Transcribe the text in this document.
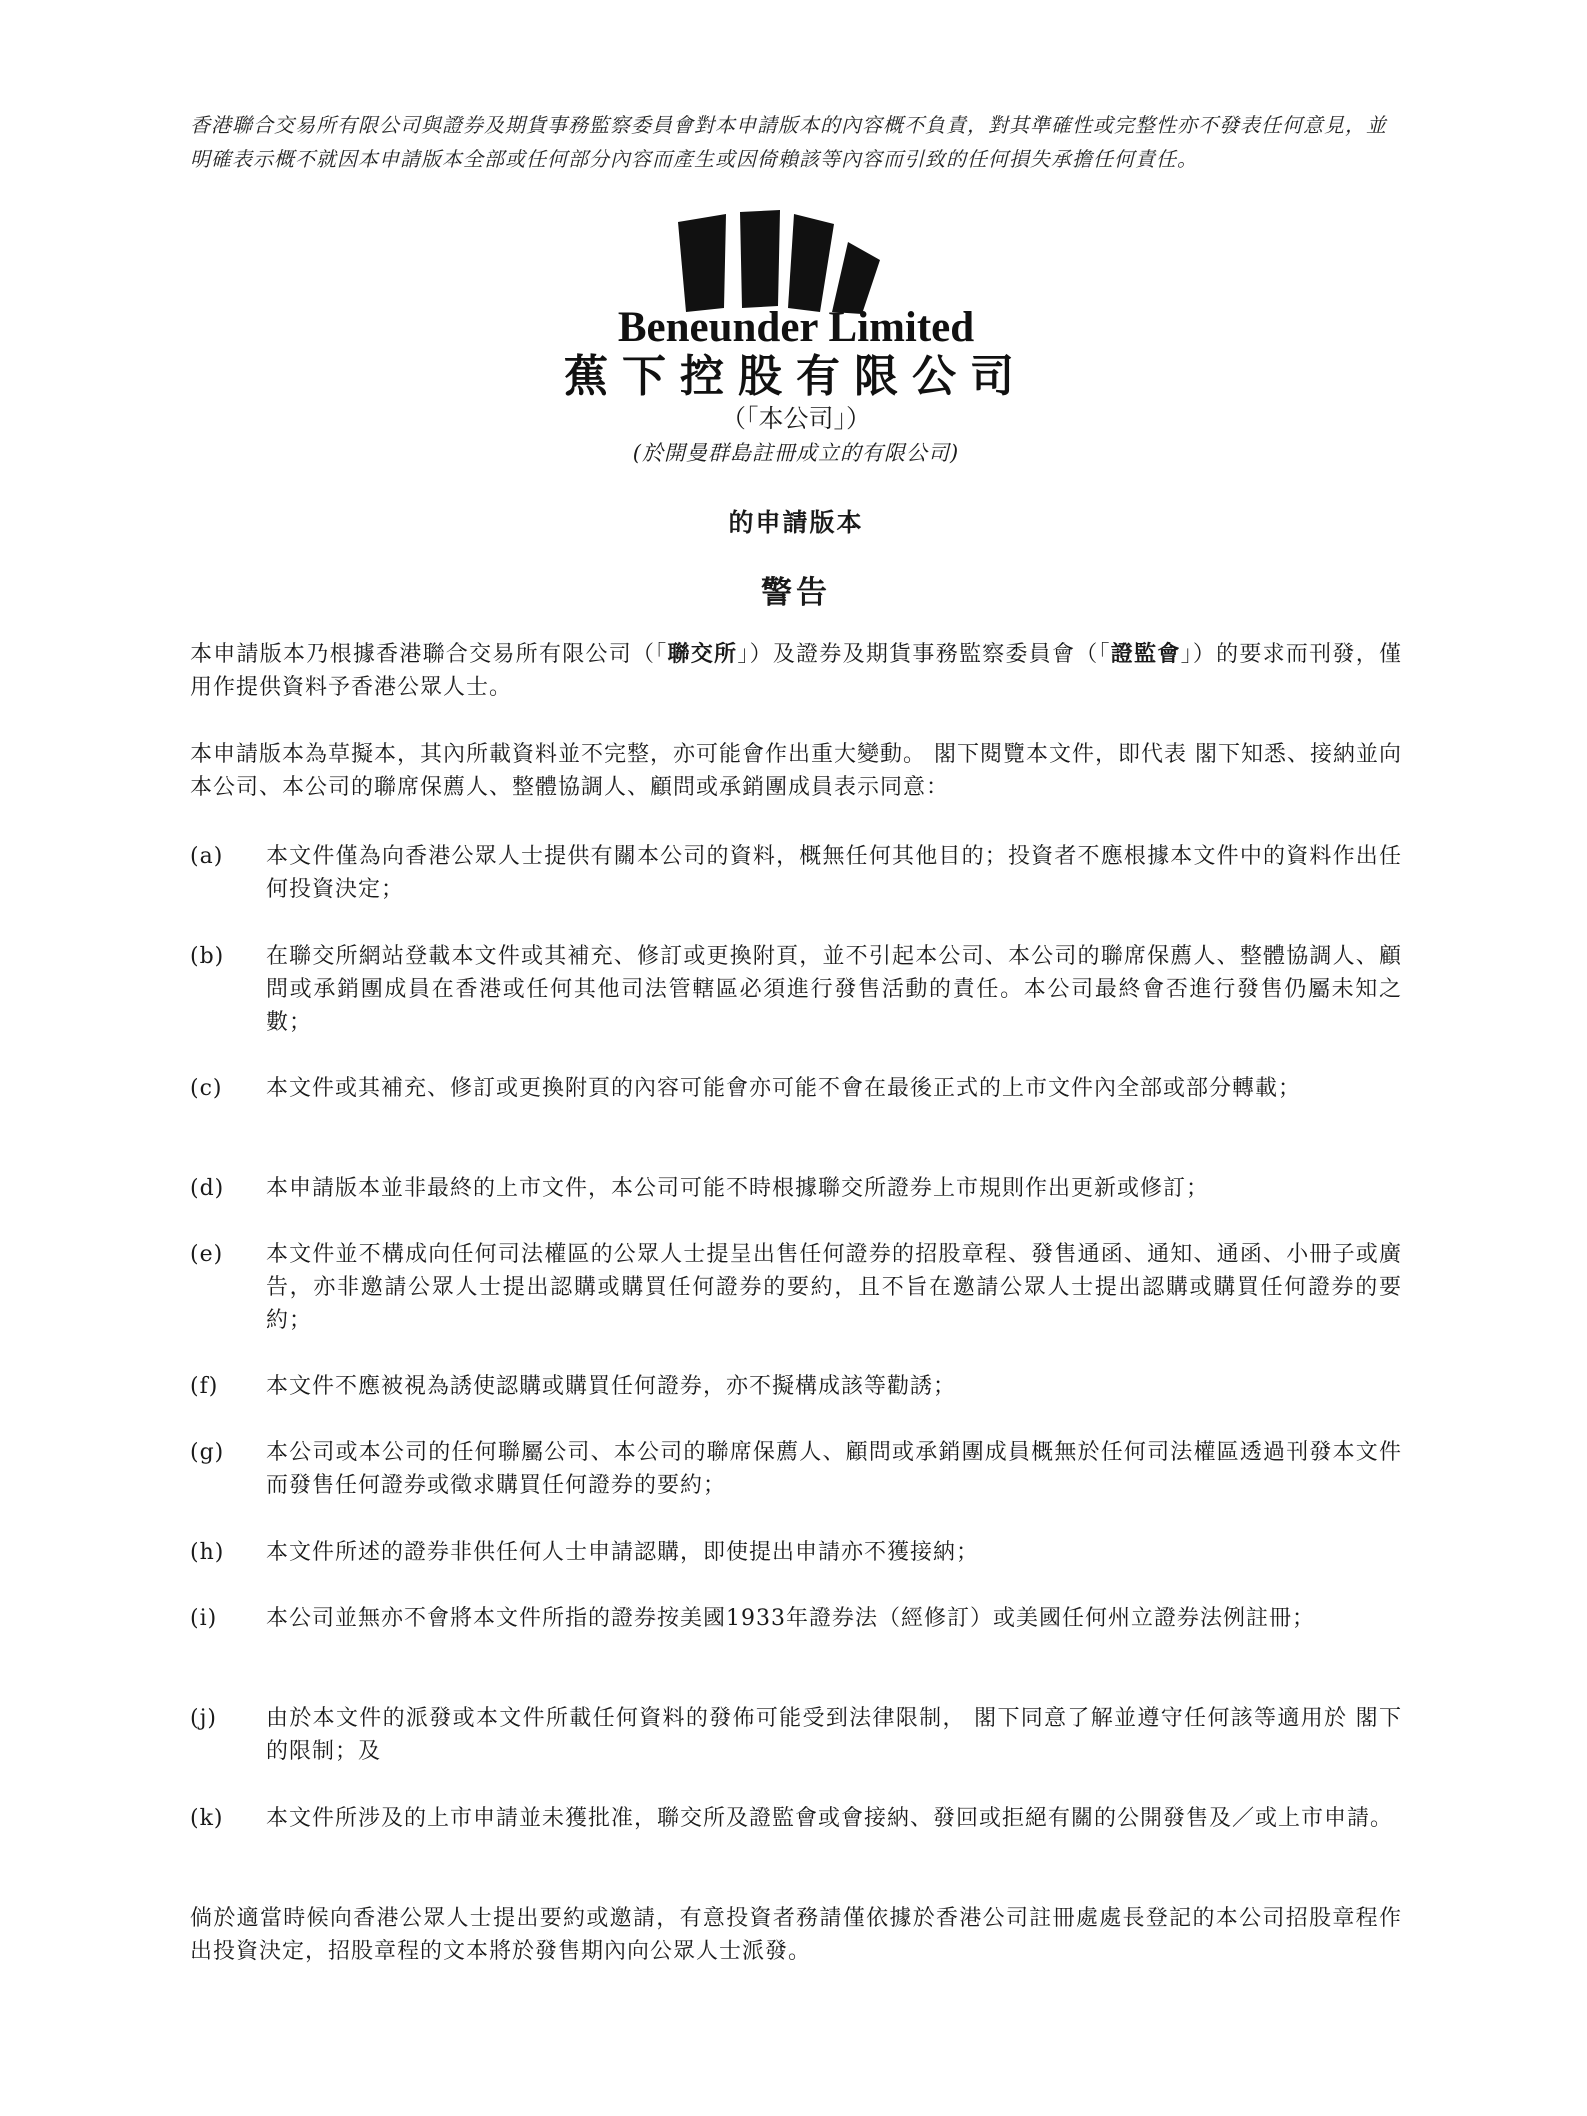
香港聯合交易所有限公司與證券及期貨事務監察委員會對本申請版本的內容概不負責，對其準確性或完整性亦不發表任何意見，並明確表示概不就因本申請版本全部或任何部分內容而產生或因倚賴該等內容而引致的任何損失承擔任何責任。
Beneunder Limited
蕉下控股有限公司
（「本公司」）
(於開曼群島註冊成立的有限公司)
的申請版本
警告
本申請版本乃根據香港聯合交易所有限公司（「聯交所」）及證券及期貨事務監察委員會（「證監會」）的要求而刊發，僅用作提供資料予香港公眾人士。
本申請版本為草擬本，其內所載資料並不完整，亦可能會作出重大變動。 閣下閱覽本文件，即代表 閣下知悉、接納並向本公司、本公司的聯席保薦人、整體協調人、顧問或承銷團成員表示同意：
(a)	本文件僅為向香港公眾人士提供有關本公司的資料，概無任何其他目的；投資者不應根據本文件中的資料作出任何投資決定；
(b)	在聯交所網站登載本文件或其補充、修訂或更換附頁，並不引起本公司、本公司的聯席保薦人、整體協調人、顧問或承銷團成員在香港或任何其他司法管轄區必須進行發售活動的責任。本公司最終會否進行發售仍屬未知之數；
(c)	本文件或其補充、修訂或更換附頁的內容可能會亦可能不會在最後正式的上市文件內全部或部分轉載；
(d)	本申請版本並非最終的上市文件，本公司可能不時根據聯交所證券上市規則作出更新或修訂；
(e)	本文件並不構成向任何司法權區的公眾人士提呈出售任何證券的招股章程、發售通函、通知、通函、小冊子或廣告，亦非邀請公眾人士提出認購或購買任何證券的要約，且不旨在邀請公眾人士提出認購或購買任何證券的要約；
(f)	本文件不應被視為誘使認購或購買任何證券，亦不擬構成該等勸誘；
(g)	本公司或本公司的任何聯屬公司、本公司的聯席保薦人、顧問或承銷團成員概無於任何司法權區透過刊發本文件而發售任何證券或徵求購買任何證券的要約；
(h)	本文件所述的證券非供任何人士申請認購，即使提出申請亦不獲接納；
(i)	本公司並無亦不會將本文件所指的證券按美國1933年證券法（經修訂）或美國任何州立證券法例註冊；
(j)	由於本文件的派發或本文件所載任何資料的發佈可能受到法律限制， 閣下同意了解並遵守任何該等適用於 閣下的限制；及
(k)	本文件所涉及的上市申請並未獲批准，聯交所及證監會或會接納、發回或拒絕有關的公開發售及／或上市申請。
倘於適當時候向香港公眾人士提出要約或邀請，有意投資者務請僅依據於香港公司註冊處處長登記的本公司招股章程作出投資決定，招股章程的文本將於發售期內向公眾人士派發。
